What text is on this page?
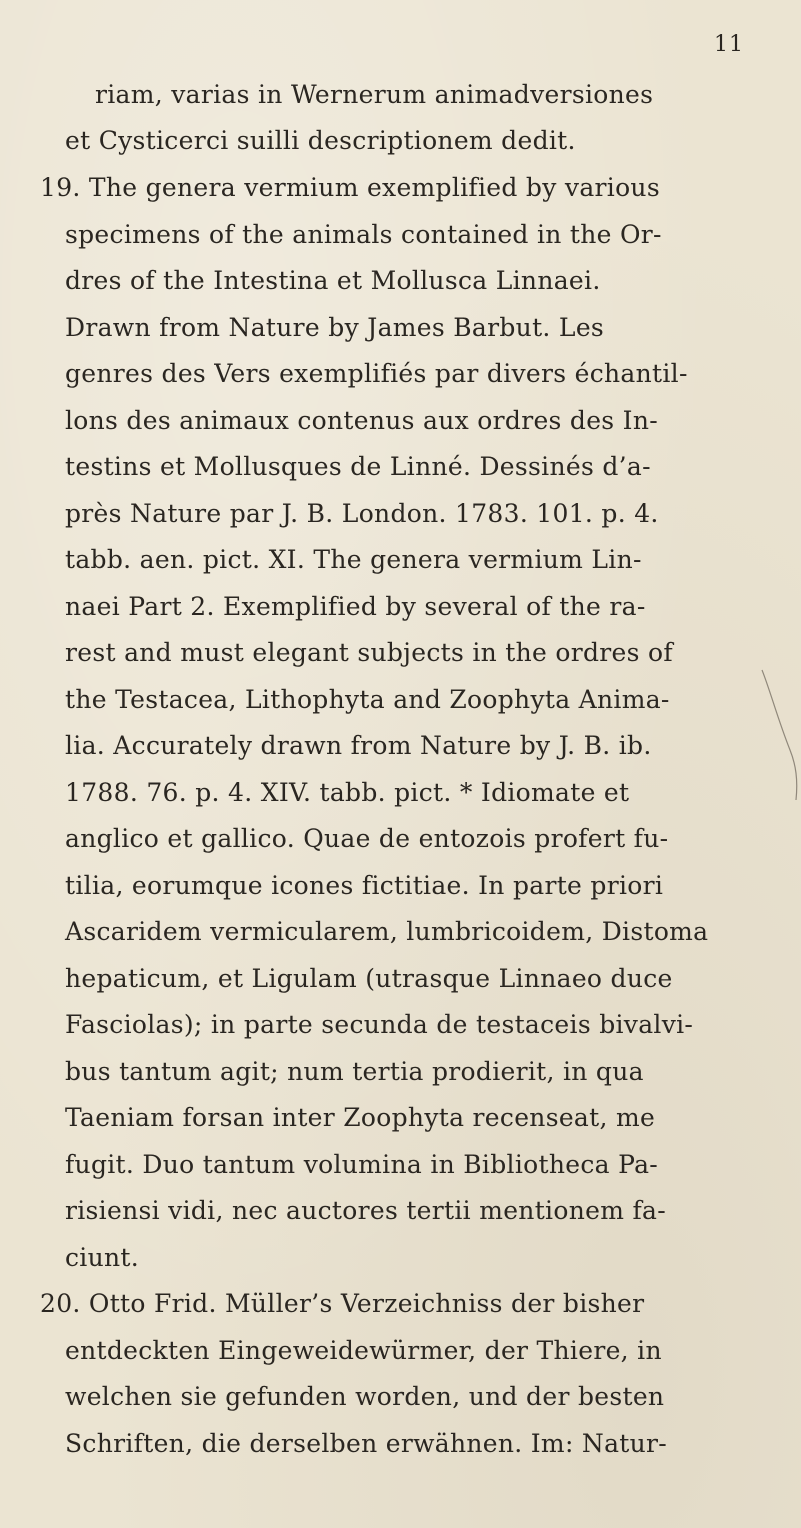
11
riam, varias in Wernerum animadversiones
et Cysticerci suilli descriptionem dedit.
19. The genera vermium exemplified by various
specimens of the animals contained in the Or-
dres of the Intestina et Mollusca Linnaei.
Drawn from Nature by James Barbut. Les
genres des Vers exemplifiés par divers échantil-
lons des animaux contenus aux ordres des In-
testins et Mollusques de Linné. Dessinés d’a-
près Nature par J. B. London. 1783. 101. p. 4.
tabb. aen. pict. XI. The genera vermium Lin-
naei Part 2. Exemplified by several of the ra-
rest and must elegant subjects in the ordres of
the Testacea, Lithophyta and Zoophyta Anima-
lia. Accurately drawn from Nature by J. B. ib.
1788. 76. p. 4. XIV. tabb. pict. * Idiomate et
anglico et gallico. Quae de entozois profert fu-
tilia, eorumque icones fictitiae. In parte priori
Ascaridem vermicularem, lumbricoidem, Distoma
hepaticum, et Ligulam (utrasque Linnaeo duce
Fasciolas); in parte secunda de testaceis bivalvi-
bus tantum agit; num tertia prodierit, in qua
Taeniam forsan inter Zoophyta recenseat, me
fugit. Duo tantum volumina in Bibliotheca Pa-
risiensi vidi, nec auctores tertii mentionem fa-
ciunt.
20. Otto Frid. Müller’s Verzeichniss der bisher
entdeckten Eingeweidewürmer, der Thiere, in
welchen sie gefunden worden, und der besten
Schriften, die derselben erwähnen. Im: Natur-
